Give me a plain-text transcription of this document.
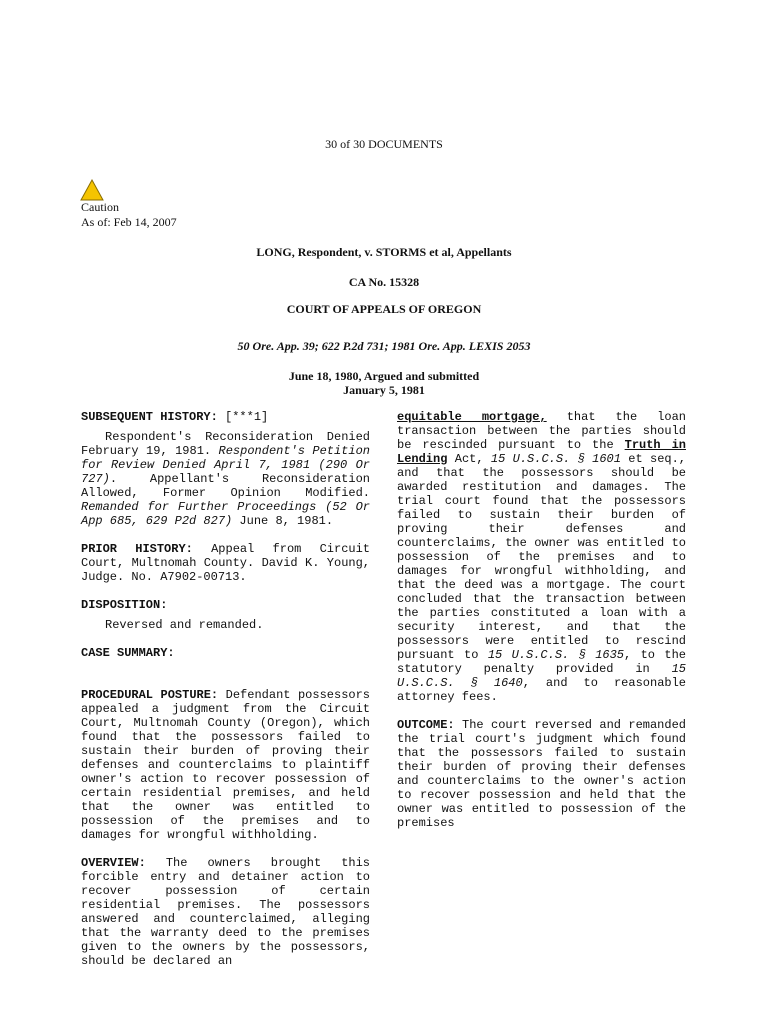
30 of 30 DOCUMENTS
Caution
As of: Feb 14, 2007
LONG, Respondent, v. STORMS et al, Appellants
CA No. 15328
COURT OF APPEALS OF OREGON
50 Ore. App. 39; 622 P.2d 731; 1981 Ore. App. LEXIS 2053
June 18, 1980, Argued and submitted
January 5, 1981

SUBSEQUENT HISTORY: [***1]

Respondent's Reconsideration Denied February 19, 1981. Respondent's Petition for Review Denied April 7, 1981 (290 Or 727). Appellant's Reconsideration Allowed, Former Opinion Modified. Remanded for Further Proceedings (52 Or App 685, 629 P2d 827) June 8, 1981.

PRIOR HISTORY: Appeal from Circuit Court, Multnomah County. David K. Young, Judge. No. A7902-00713.

DISPOSITION:

Reversed and remanded.

CASE SUMMARY:

PROCEDURAL POSTURE: Defendant possessors appealed a judgment from the Circuit Court, Multnomah County (Oregon), which found that the possessors failed to sustain their burden of proving their defenses and counterclaims to plaintiff owner's action to recover possession of certain residential premises, and held that the owner was entitled to possession of the premises and to damages for wrongful withholding.

OVERVIEW: The owners brought this forcible entry and detainer action to recover possession of certain residential premises. The possessors answered and counterclaimed, alleging that the warranty deed to the premises given to the owners by the possessors, should be declared an

equitable mortgage, that the loan transaction between the parties should be rescinded pursuant to the Truth in Lending Act, 15 U.S.C.S. § 1601 et seq., and that the possessors should be awarded restitution and damages. The trial court found that the possessors failed to sustain their burden of proving their defenses and counterclaims, the owner was entitled to possession of the premises and to damages for wrongful withholding, and that the deed was a mortgage. The court concluded that the transaction between the parties constituted a loan with a security interest, and that the possessors were entitled to rescind pursuant to 15 U.S.C.S. § 1635, to the statutory penalty provided in 15 U.S.C.S. § 1640, and to reasonable attorney fees.

OUTCOME: The court reversed and remanded the trial court's judgment which found that the possessors failed to sustain their burden of proving their defenses and counterclaims to the owner's action to recover possession and held that the owner was entitled to possession of the premises
